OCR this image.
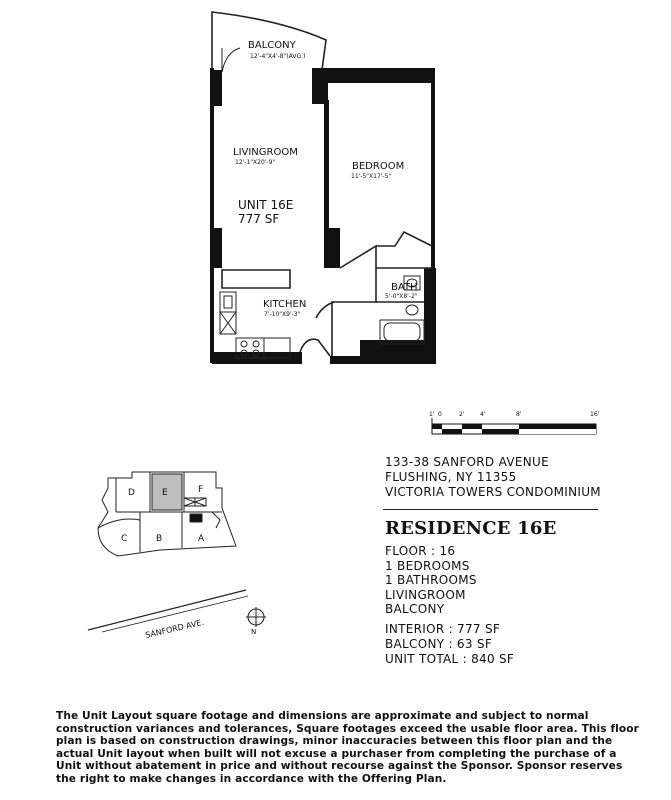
BALCONY
12'-4"X4'-8"(AVG.)
LIVINGROOM
12'-1"X20'-9"	BEDROOM
11'-5"X17'-5"
UNIT 16E
777 SF
KITCHEN
7'-10"X9'-3"
BATH
5'-0"X8'-2"
1' 0	2'	4'	8'	16'
D	E	F
C	B	A
SANFORD AVE.	N
133-38 SANFORD AVENUE
FLUSHING, NY 11355
VICTORIA TOWERS CONDOMINIUM
RESIDENCE 16E
FLOOR : 16
1 BEDROOMS
1 BATHROOMS
LIVINGROOM
BALCONY
INTERIOR : 777 SF
BALCONY : 63 SF
UNIT TOTAL : 840 SF
The Unit Layout square footage and dimensions are approximate and subject to normal
construction variances and tolerances, Square footages exceed the usable floor area. This floor
plan is based on construction drawings, minor inaccuracies between this floor plan and the
actual Unit layout when built will not excuse a purchaser from completing the purchase of a
Unit without abatement in price and without recourse against the Sponsor. Sponsor reserves
the right to make changes in accordance with the Offering Plan.
